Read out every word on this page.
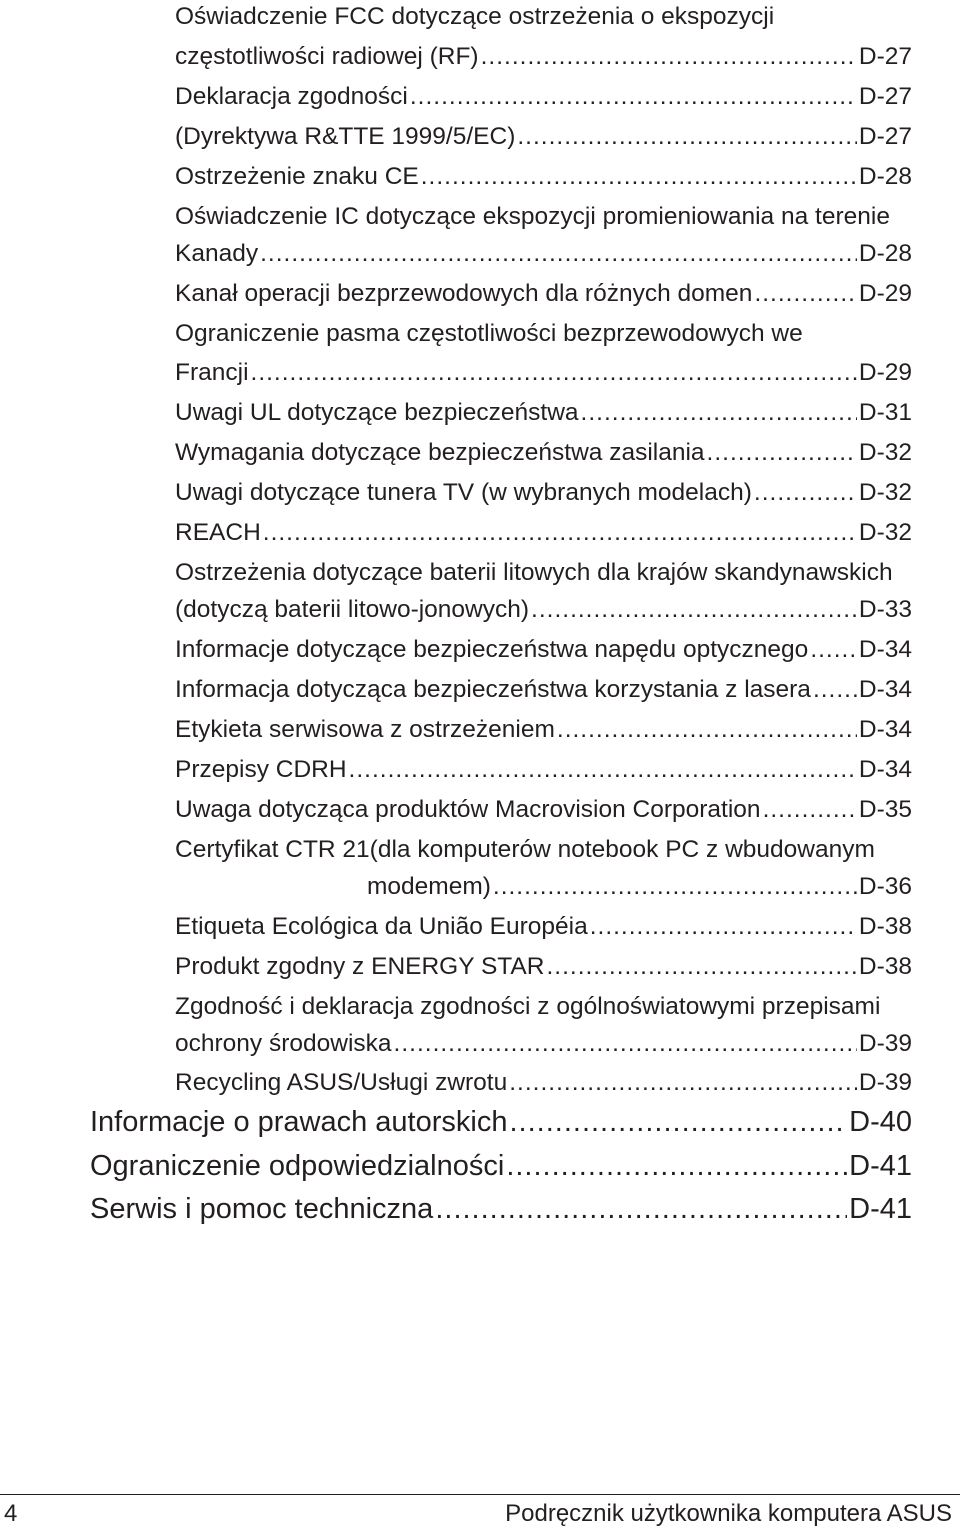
Oświadczenie FCC dotyczące ostrzeżenia o ekspozycji
częstotliwości radiowej (RF) .....	D-27
Deklaracja zgodności .....	D-27
(Dyrektywa R&TTE 1999/5/EC) .....	D-27
Ostrzeżenie znaku CE .....	D-28
Oświadczenie IC dotyczące ekspozycji promieniowania na terenie
Kanady .....	D-28
Kanał operacji bezprzewodowych dla różnych domen .....	D-29
Ograniczenie pasma częstotliwości bezprzewodowych we
Francji .....	D-29
Uwagi UL dotyczące bezpieczeństwa .....	D-31
Wymagania dotyczące bezpieczeństwa zasilania .....	D-32
Uwagi dotyczące tunera TV (w wybranych modelach) .....	D-32
REACH .....	D-32
Ostrzeżenia dotyczące baterii litowych dla krajów skandynawskich
(dotyczą baterii litowo-jonowych) .....	D-33
Informacje dotyczące bezpieczeństwa napędu optycznego ..... D-34
Informacja dotycząca bezpieczeństwa korzystania z lasera ..... D-34
Etykieta serwisowa z ostrzeżeniem .....	D-34
Przepisy CDRH .....	D-34
Uwaga dotycząca produktów Macrovision Corporation .....	D-35
Certyfikat CTR 21(dla komputerów notebook PC z wbudowanym
modemem) .....	D-36
Etiqueta Ecológica da União Européia .....	D-38
Produkt zgodny z ENERGY STAR .....	D-38
Zgodność i deklaracja zgodności z ogólnoświatowymi przepisami
ochrony środowiska .....	D-39
Recycling ASUS/Usługi zwrotu .....	D-39
Informacje o prawach autorskich .....	D-40
Ograniczenie odpowiedzialności .....	D-41
Serwis i pomoc techniczna .....	D-41
4	Podręcznik użytkownika komputera ASUS
